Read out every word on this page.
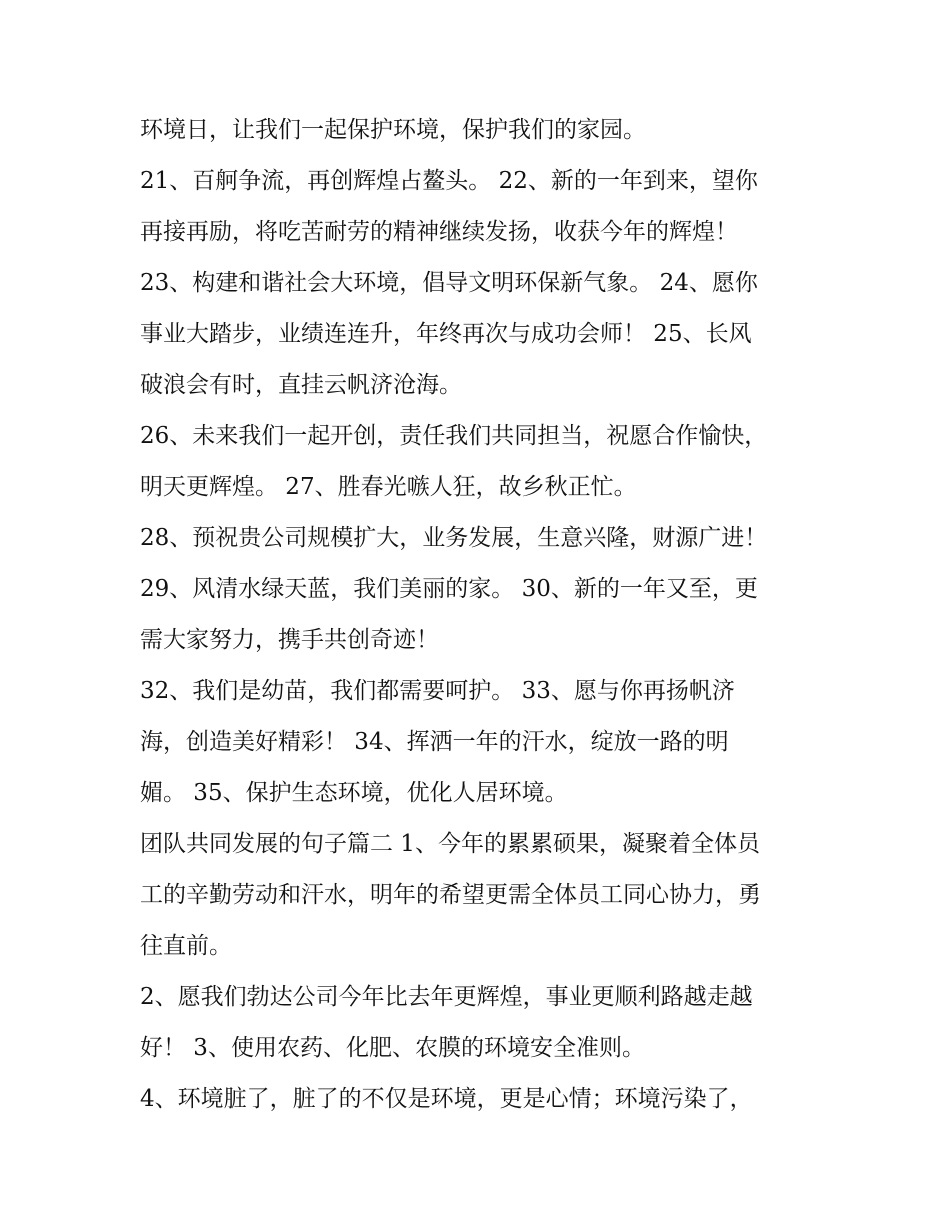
环境日，让我们一起保护环境，保护我们的家园。
21、百舸争流，再创辉煌占鳌头。 22、新的一年到来，望你
再接再励，将吃苦耐劳的精神继续发扬，收获今年的辉煌！
23、构建和谐社会大环境，倡导文明环保新气象。 24、愿你
事业大踏步，业绩连连升，年终再次与成功会师！ 25、长风
破浪会有时，直挂云帆济沧海。
26、未来我们一起开创，责任我们共同担当，祝愿合作愉快，
明天更辉煌。 27、胜春光嗾人狂，故乡秋正忙。
28、预祝贵公司规模扩大，业务发展，生意兴隆，财源广进！
29、风清水绿天蓝，我们美丽的家。 30、新的一年又至，更
需大家努力，携手共创奇迹！
32、我们是幼苗，我们都需要呵护。 33、愿与你再扬帆济
海，创造美好精彩！ 34、挥洒一年的汗水，绽放一路的明
媚。 35、保护生态环境，优化人居环境。
团队共同发展的句子篇二 1、今年的累累硕果，凝聚着全体员
工的辛勤劳动和汗水，明年的希望更需全体员工同心协力，勇
往直前。
2、愿我们勃达公司今年比去年更辉煌，事业更顺利路越走越
好！ 3、使用农药、化肥、农膜的环境安全准则。
4、环境脏了，脏了的不仅是环境，更是心情；环境污染了，
